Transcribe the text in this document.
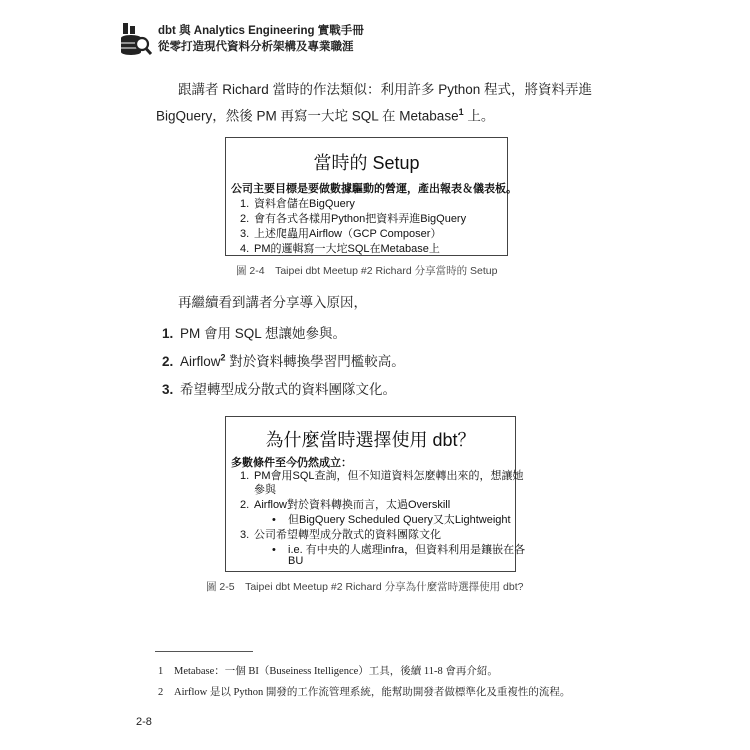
dbt 與 Analytics Engineering 實戰手冊
從零打造現代資料分析架構及專業職涯
跟講者 Richard 當時的作法類似：利用許多 Python 程式，將資料弄進
BigQuery，然後 PM 再寫一大坨 SQL 在 Metabase$^1$ 上。
當時的 Setup
公司主要目標是要做數據驅動的營運，產出報表＆儀表板。
1. 資料倉儲在BigQuery
2. 會有各式各樣用Python把資料弄進BigQuery
3. 上述爬蟲用Airflow（GCP Composer）
4. PM的邏輯寫一大坨SQL在Metabase上
圖 2-4　Taipei dbt Meetup #2 Richard 分享當時的 Setup
再繼續看到講者分享導入原因，
1. PM 會用 SQL 想讓她參與。
2. Airflow$^2$ 對於資料轉換學習門檻較高。
3. 希望轉型成分散式的資料團隊文化。
為什麼當時選擇使用 dbt？
多數條件至今仍然成立：
1. PM會用SQL查詢，但不知道資料怎麼轉出來的，想讓她
參與
2. Airflow對於資料轉換而言，太過Overskill
• 但BigQuery Scheduled Query又太Lightweight
3. 公司希望轉型成分散式的資料團隊文化
• i.e. 有中央的人處理infra，但資料利用是鑲嵌在各
BU
圖 2-5　Taipei dbt Meetup #2 Richard 分享為什麼當時選擇使用 dbt?
1 Metabase：一個 BI（Buseiness Itelligence）工具，後續 11-8 會再介紹。
2 Airflow 是以 Python 開發的工作流管理系統，能幫助開發者做標準化及重複性的流程。
2-8
